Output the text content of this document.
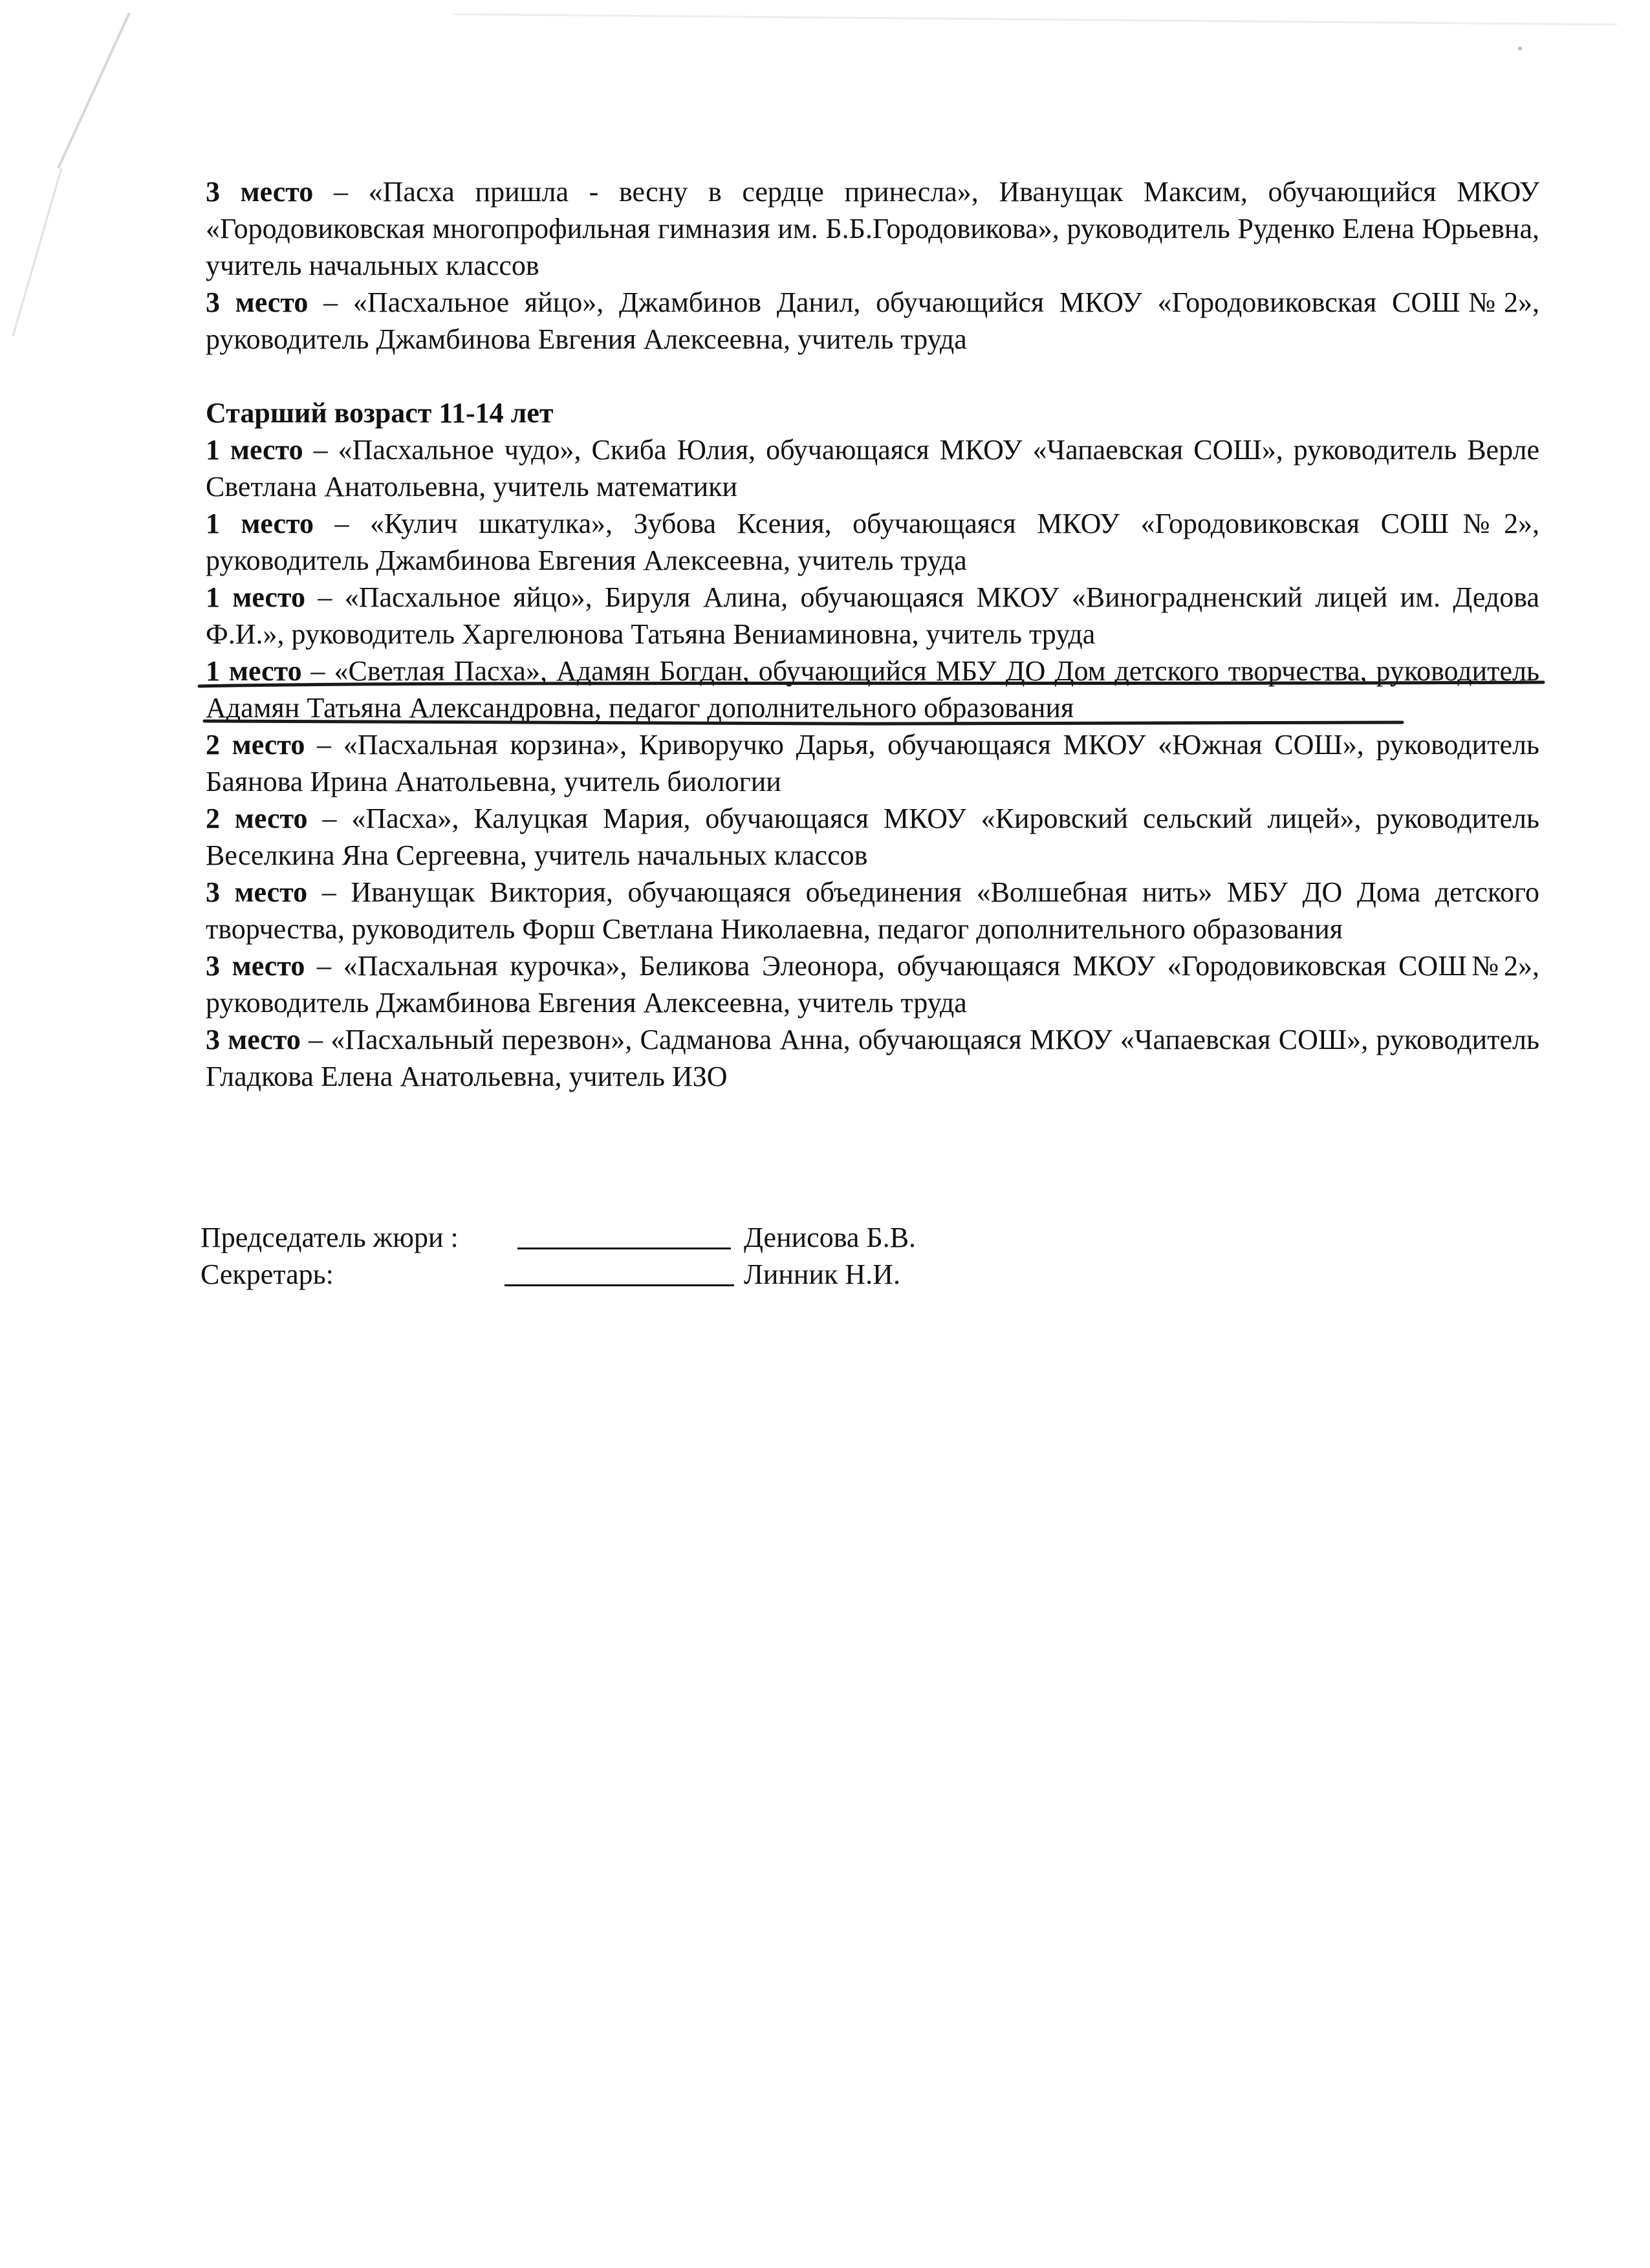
3 место – «Пасха пришла - весну в сердце принесла», Иванущак Максим, обучающийся МКОУ «Городовиковская многопрофильная гимназия им. Б.Б.Городовикова», руководитель Руденко Елена Юрьевна, учитель начальных классов

3 место – «Пасхальное яйцо», Джамбинов Данил, обучающийся МКОУ «Городовиковская СОШ№2», руководитель Джамбинова Евгения Алексеевна, учитель труда

Старший возраст 11-14 лет

1 место – «Пасхальное чудо», Скиба Юлия, обучающаяся МКОУ «Чапаевская СОШ», руководитель Верле Светлана Анатольевна, учитель математики

1 место – «Кулич шкатулка», Зубова Ксения, обучающаяся МКОУ «Городовиковская СОШ№2», руководитель Джамбинова Евгения Алексеевна, учитель труда

1 место – «Пасхальное яйцо», Бируля Алина, обучающаяся МКОУ «Виноградненский лицей им. Дедова Ф.И.», руководитель Харгелюнова Татьяна Вениаминовна, учитель труда

1 место – «Светлая Пасха», Адамян Богдан, обучающийся МБУ ДО Дом детского творчества, руководитель Адамян Татьяна Александровна, педагог дополнительного образования

2 место – «Пасхальная корзина», Криворучко Дарья, обучающаяся МКОУ «Южная СОШ», руководитель Баянова Ирина Анатольевна, учитель биологии

2 место – «Пасха», Калуцкая Мария, обучающаяся МКОУ «Кировский сельский лицей», руководитель Веселкина Яна Сергеевна, учитель начальных классов

3 место – Иванущак Виктория, обучающаяся объединения «Волшебная нить» МБУ ДО Дома детского творчества, руководитель Форш Светлана Николаевна, педагог дополнительного образования

3 место – «Пасхальная курочка», Беликова Элеонора, обучающаяся МКОУ «Городовиковская СОШ№2», руководитель Джамбинова Евгения Алексеевна, учитель труда

3 место – «Пасхальный перезвон», Садманова Анна, обучающаяся МКОУ «Чапаевская СОШ», руководитель Гладкова Елена Анатольевна, учитель ИЗО

Председатель жюри :	Денисова Б.В.
Секретарь:	Линник Н.И.
